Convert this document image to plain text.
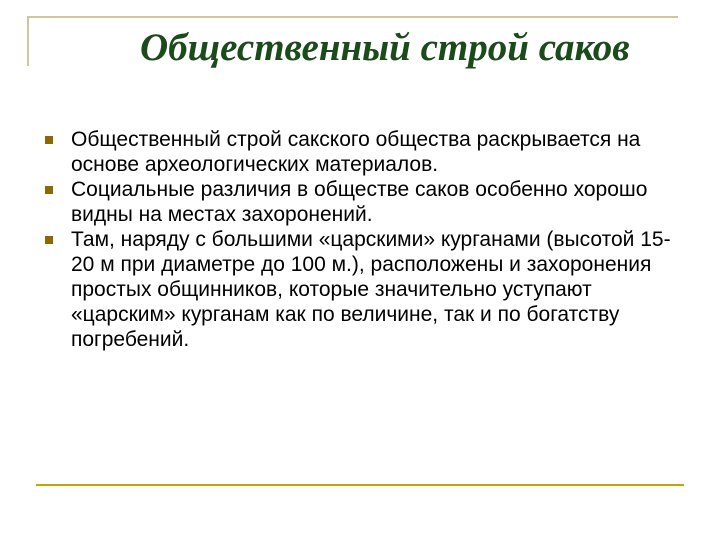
Общественный строй саков
Общественный строй сакского общества раскрывается на основе археологических материалов.
Социальные различия в обществе саков особенно хорошо видны на местах захоронений.
Там, наряду с большими «царскими» курганами (высотой 15-20 м при диаметре до 100 м.), расположены и захоронения простых общинников, которые значительно уступают «царским» курганам как по величине, так и по богатству погребений.
